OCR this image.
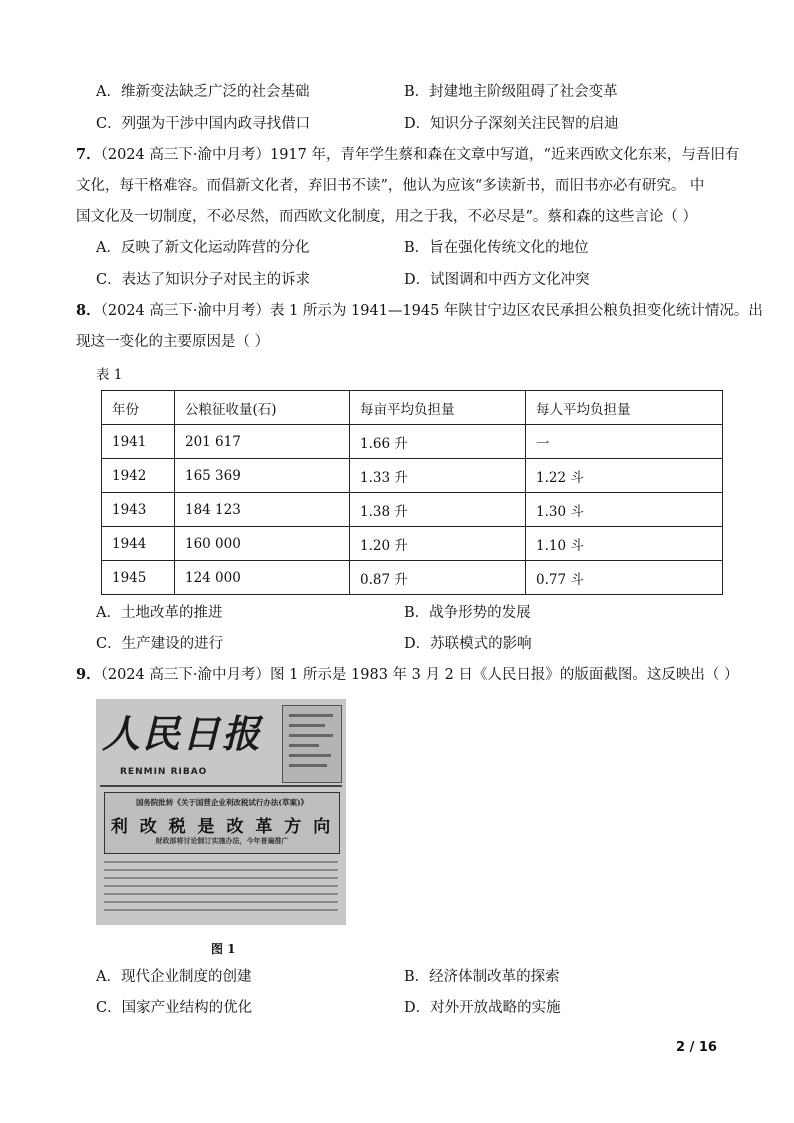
A．维新变法缺乏广泛的社会基础	B．封建地主阶级阻碍了社会变革
C．列强为干涉中国内政寻找借口	D．知识分子深刻关注民智的启迪
7．（2024 高三下·渝中月考）1917 年，青年学生蔡和森在文章中写道，“近来西欧文化东来，与吾旧有
文化，每干格难容。而倡新文化者，弃旧书不读”，他认为应该“多读新书，而旧书亦必有研究。 中
国文化及一切制度，不必尽然，而西欧文化制度，用之于我，不必尽是”。蔡和森的这些言论（ ）
A．反映了新文化运动阵营的分化	B．旨在强化传统文化的地位
C．表达了知识分子对民主的诉求	D．试图调和中西方文化冲突
8．（2024 高三下·渝中月考）表 1 所示为 1941—1945 年陕甘宁边区农民承担公粮负担变化统计情况。出
现这一变化的主要原因是（ ）
表 1
年份	公粮征收量(石)	每亩平均负担量	每人平均负担量
1941	201 617	1.66 升	一
1942	165 369	1.33 升	1.22 斗
1943	184 123	1.38 升	1.30 斗
1944	160 000	1.20 升	1.10 斗
1945	124 000	0.87 升	0.77 斗
A．土地改革的推进	B．战争形势的发展
C．生产建设的进行	D．苏联模式的影响
9．（2024 高三下·渝中月考）图 1 所示是 1983 年 3 月 2 日《人民日报》的版面截图。这反映出（ ）
人民日报
RENMIN RIBAO
国务院批转《关于国营企业利改税试行办法(草案)》
利 改 税 是 改 革 方 向
财政部将讨论制订实施办法，今年普遍推广
图 1
A．现代企业制度的创建	B．经济体制改革的探索
C．国家产业结构的优化	D．对外开放战略的实施
2 / 16
